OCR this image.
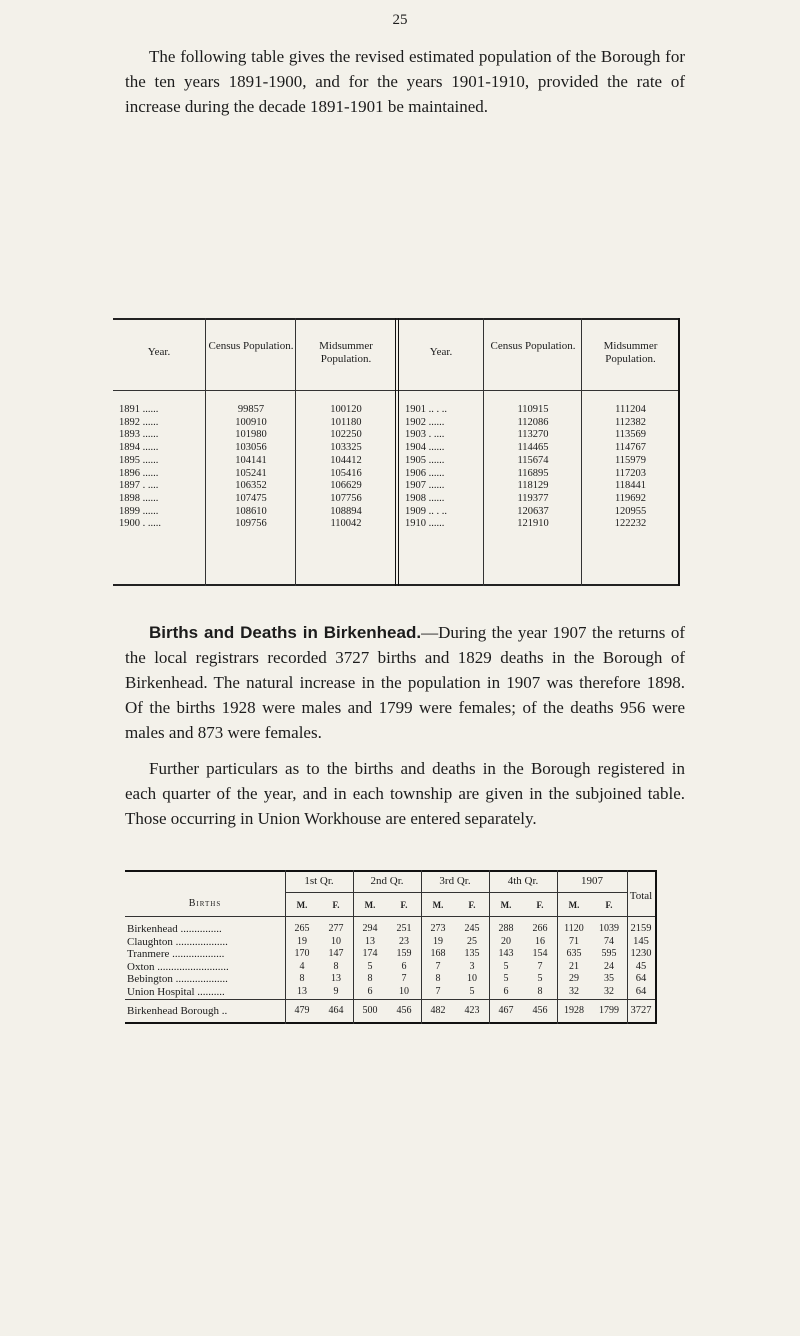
25

The following table gives the revised estimated population of the Borough for the ten years 1891-1900, and for the years 1901-1910, provided the rate of increase during the decade 1891-1901 be maintained.

Year.	Census Population.	Midsummer Population.
Year.	Census Population.	Midsummer Population.
1891 ......	99857	100120
1892 ......	100910	101180
1893 ......	101980	102250
1894 ......	103056	103325
1895 ......	104141	104412
1896 ......	105241	105416
1897 . ....	106352	106629
1898 ......	107475	107756
1899 ......	108610	108894
1900 . .....	109756	110042
1901 .. . ..	110915	111204
1902 ......	112086	112382
1903 . ....	113270	113569
1904 ......	114465	114767
1905 ......	115674	115979
1906 ......	116895	117203
1907 ......	118129	118441
1908 ......	119377	119692
1909 .. . ..	120637	120955
1910 ......	121910	122232

Births and Deaths in Birkenhead.—During the year 1907 the returns of the local registrars recorded 3727 births and 1829 deaths in the Borough of Birkenhead. The natural increase in the population in 1907 was therefore 1898. Of the births 1928 were males and 1799 were females; of the deaths 956 were males and 873 were females.

Further particulars as to the births and deaths in the Borough registered in each quarter of the year, and in each township are given in the subjoined table. Those occurring in Union Workhouse are entered separately.

Births
1st Qr.	2nd Qr.	3rd Qr.	4th Qr.	1907
Total
M.	F.	M.	F.	M.	F.	M.	F.	M.	F.
Birkenhead ...............	265	277	294	251	273	245	288	266	1120 1039	2159
Claughton ...................	19	10	13	23	19	25	20	16	71	74	145
Tranmere ...................	170	147	174	159	168	135	143	154	635	595	1230
Oxton ..........................	4	8	5	6	7	3	5	7	21	24	45
Bebington ...................	8	13	8	7	8	10	5	5	29	35	64
Union Hospital ..........	13	9	6	10	7	5	6	8	32	32	64
Birkenhead Borough ..	479	464	500	456	482	423	467	456	1928 1799	3727
